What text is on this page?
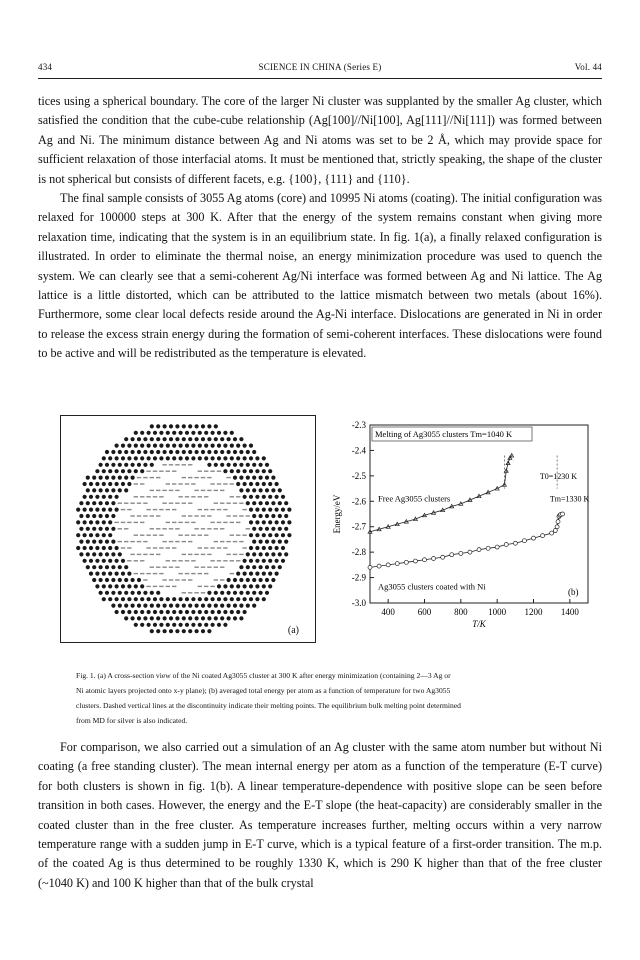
434	SCIENCE IN CHINA (Series E)	Vol. 44

tices using a spherical boundary. The core of the larger Ni cluster was supplanted by the smaller Ag cluster, which satisfied the condition that the cube-cube relationship (Ag[100]//Ni[100], Ag[111]//Ni[111]) was formed between Ag and Ni. The minimum distance between Ag and Ni atoms was set to be 2 Å, which may provide space for sufficient relaxation of those interfacial atoms. It must be mentioned that, strictly speaking, the shape of the cluster is not spherical but consists of different facets, e.g. {100}, {111} and {110}.

The final sample consists of 3055 Ag atoms (core) and 10995 Ni atoms (coating). The initial configuration was relaxed for 100000 steps at 300 K. After that the energy of the system remains constant when giving more relaxation time, indicating that the system is in an equilibrium state. In fig. 1(a), a finally relaxed configuration is illustrated. In order to eliminate the thermal noise, an energy minimization procedure was used to quench the system. We can clearly see that a semi-coherent Ag/Ni interface was formed between Ag and Ni lattice. The Ag lattice is a little distorted, which can be attributed to the lattice mismatch between two metals (about 16%). Furthermore, some clear local defects reside around the Ag-Ni interface. Dislocations are generated in Ni in order to release the excess strain energy during the formation of semi-coherent interfaces. These dislocations were found to be active and will be redistributed as the temperature is elevated.

(a)
400	600	800 1000 1200 1400
-2.3
-2.4
-2.5
-2.6
-2.7
-2.8
-2.9
-3.0
T/K
Energy/eV
Melting of Ag3055 clusters Tm=1040 K
T0=1230 K
Tm=1330 K
Free Ag3055 clusters
Ag3055 clusters coated with Ni
(b)

Fig. 1. (a) A cross-section view of the Ni coated Ag3055 cluster at 300 K after energy minimization (containing 2—3 Ag or

Ni atomic layers projected onto x-y plane); (b) averaged total energy per atom as a function of temperature for two Ag3055

clusters. Dashed vertical lines at the discontinuity indicate their melting points. The equilibrium bulk melting point determined

from MD for silver is also indicated.

For comparison, we also carried out a simulation of an Ag cluster with the same atom number but without Ni coating (a free standing cluster). The mean internal energy per atom as a function of the temperature (E-T curve) for both clusters is shown in fig. 1(b). A linear temperature-dependence with positive slope can be seen before transition in both cases. However, the energy and the E-T slope (the heat-capacity) are considerably smaller in the coated cluster than in the free cluster. As temperature increases further, melting occurs within a very narrow temperature range with a sudden jump in E-T curve, which is a typical feature of a first-order transition. The m.p. of the coated Ag is thus determined to be roughly 1330 K, which is 290 K higher than that of the free cluster (~1040 K) and 100 K higher than that of the bulk crystal
